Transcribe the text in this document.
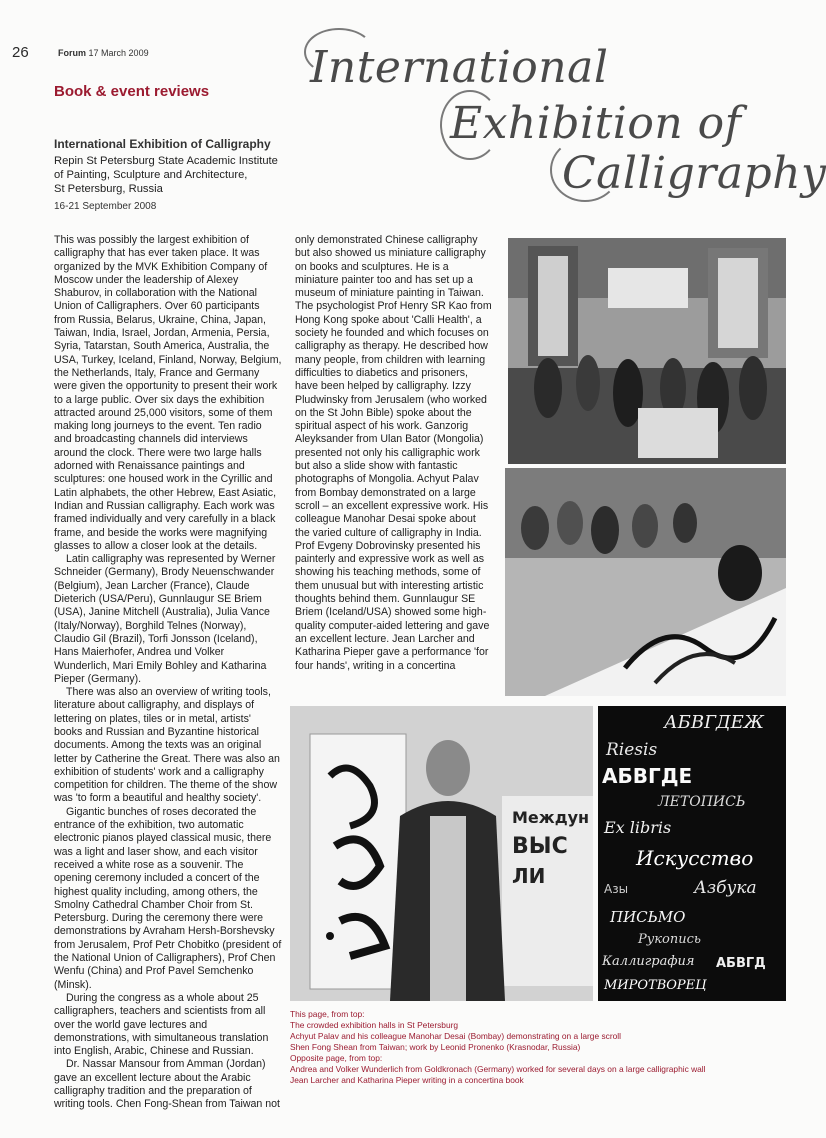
26	Forum 17 March 2009
Book & event reviews International
Exhibition of
Calligraphy
International Exhibition of Calligraphy
Repin St Petersburg State Academic Institute
of Painting, Sculpture and Architecture,
St Petersburg, Russia
16-21 September 2008

This was possibly the largest exhibition of calligraphy that has ever taken place. It was organized by the MVK Exhibition Company of Moscow under the leadership of Alexey Shaburov, in collaboration with the National Union of Calligraphers. Over 60 participants from Russia, Belarus, Ukraine, China, Japan, Taiwan, India, Israel, Jordan, Armenia, Persia, Syria, Tatarstan, South America, Australia, the USA, Turkey, Iceland, Finland, Norway, Belgium, the Netherlands, Italy, France and Germany were given the opportunity to present their work to a large public. Over six days the exhibition attracted around 25,000 visitors, some of them making long journeys to the event. Ten radio and broadcasting channels did interviews around the clock. There were two large halls adorned with Renaissance paintings and sculptures: one housed work in the Cyrillic and Latin alphabets, the other Hebrew, East Asiatic, Indian and Russian calligraphy. Each work was framed individually and very carefully in a black frame, and beside the works were magnifying glasses to allow a closer look at the details.

Latin calligraphy was represented by Werner Schneider (Germany), Brody Neuenschwander (Belgium), Jean Larcher (France), Claude Dieterich (USA/Peru), Gunnlaugur SE Briem (USA), Janine Mitchell (Australia), Julia Vance (Italy/Norway), Borghild Telnes (Norway), Claudio Gil (Brazil), Torfi Jonsson (Iceland), Hans Maierhofer, Andrea und Volker Wunderlich, Mari Emily Bohley and Katharina Pieper (Germany).

There was also an overview of writing tools, literature about calligraphy, and displays of lettering on plates, tiles or in metal, artists' books and Russian and Byzantine historical documents. Among the texts was an original letter by Catherine the Great. There was also an exhibition of students' work and a calligraphy competition for children. The theme of the show was 'to form a beautiful and healthy society'.

Gigantic bunches of roses decorated the entrance of the exhibition, two automatic electronic pianos played classical music, there was a light and laser show, and each visitor received a white rose as a souvenir. The opening ceremony included a concert of the highest quality including, among others, the Smolny Cathedral Chamber Choir from St. Petersburg. During the ceremony there were demonstrations by Avraham Hersh-Borshevsky from Jerusalem, Prof Petr Chobitko (president of the National Union of Calligraphers), Prof Chen Wenfu (China) and Prof Pavel Semchenko (Minsk).

During the congress as a whole about 25 calligraphers, teachers and scientists from all over the world gave lectures and demonstrations, with simultaneous translation into English, Arabic, Chinese and Russian.

Dr. Nassar Mansour from Amman (Jordan) gave an excellent lecture about the Arabic calligraphy tradition and the preparation of writing tools. Chen Fong-Shean from Taiwan not

only demonstrated Chinese calligraphy but also showed us miniature calligraphy on books and sculptures. He is a miniature painter too and has set up a museum of miniature painting in Taiwan. The psychologist Prof Henry SR Kao from Hong Kong spoke about 'Calli Health', a society he founded and which focuses on calligraphy as therapy. He described how many people, from children with learning difficulties to diabetics and prisoners, have been helped by calligraphy. Izzy Pludwinsky from Jerusalem (who worked on the St John Bible) spoke about the spiritual aspect of his work. Ganzorig Aleyksander from Ulan Bator (Mongolia) presented not only his calligraphic work but also a slide show with fantastic photographs of Mongolia. Achyut Palav from Bombay demonstrated on a large scroll – an excellent expressive work. His colleague Manohar Desai spoke about the varied culture of calligraphy in India. Prof Evgeny Dobrovinsky presented his painterly and expressive work as well as showing his teaching methods, some of them unusual but with interesting artistic thoughts behind them. Gunnlaugur SE Briem (Iceland/USA) showed some high-quality computer-aided lettering and gave an excellent lecture. Jean Larcher and Katharina Pieper gave a performance 'for four hands', writing in a concertina

Междун
ВЫС
ЛИ
АБВГДЕЖ
Riesis
АБВГДЕ
ЛЕТОПИСЬ
Ex libris
Искусство
Азбука
Азы
ПИСЬМО
Рукопись
Каллиграфия АБВГД
МИРОТВОРЕЦ
This page, from top:
The crowded exhibition halls in St Petersburg
Achyut Palav and his colleague Manohar Desai (Bombay) demonstrating on a large scroll
Shen Fong Shean from Taiwan; work by Leonid Pronenko (Krasnodar, Russia)
Opposite page, from top:
Andrea and Volker Wunderlich from Goldkronach (Germany) worked for several days on a large calligraphic wall
Jean Larcher and Katharina Pieper writing in a concertina book
